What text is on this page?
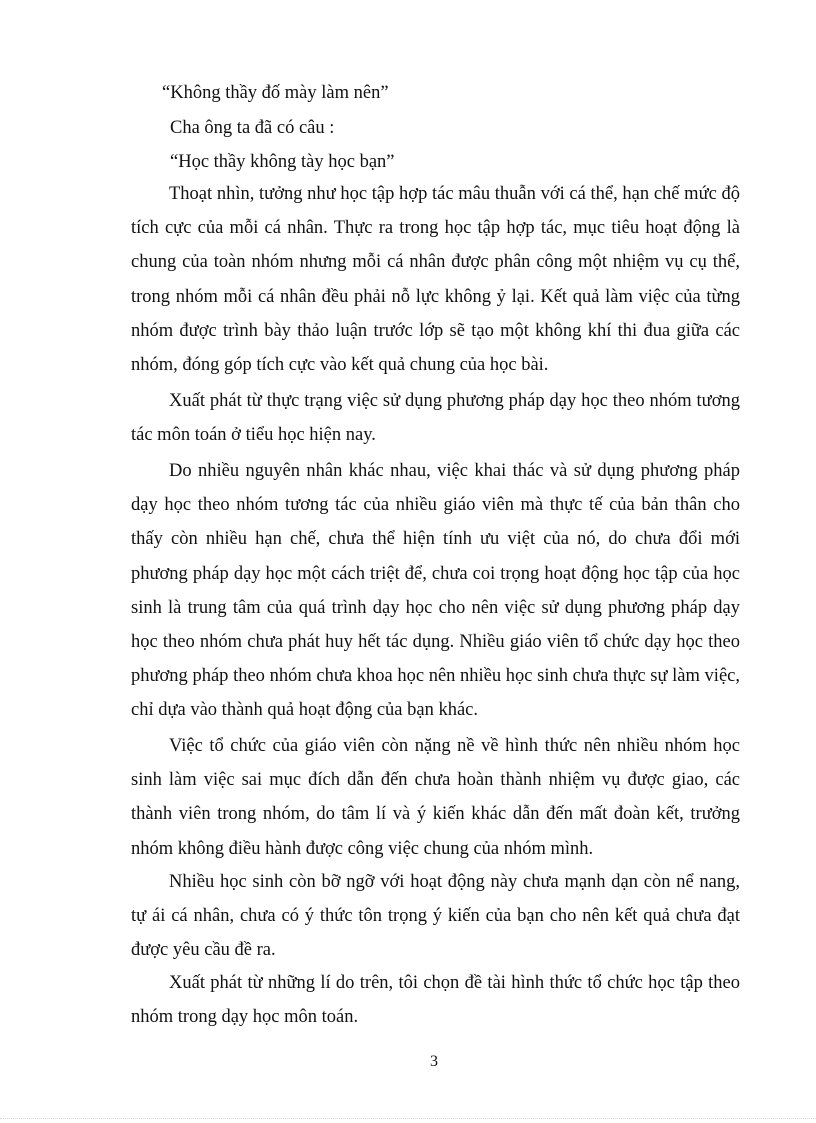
“Không thầy đố mày làm nên”
Cha ông ta đã có câu :
“Học thầy không tày học bạn”

Thoạt nhìn, tưởng như học tập hợp tác mâu thuẫn với cá thể, hạn chế mức độ tích cực của mỗi cá nhân. Thực ra trong học tập hợp tác, mục tiêu hoạt động là chung của toàn nhóm nhưng mỗi cá nhân được phân công một nhiệm vụ cụ thể, trong nhóm mỗi cá nhân đều phải nỗ lực không ỷ lại. Kết quả làm việc của từng nhóm được trình bày thảo luận trước lớp sẽ tạo một không khí thi đua giữa các nhóm, đóng góp tích cực vào kết quả chung của học bài.

Xuất phát từ thực trạng việc sử dụng phương pháp dạy học theo nhóm tương tác môn toán ở tiểu học hiện nay.

Do nhiều nguyên nhân khác nhau, việc khai thác và sử dụng phương pháp dạy học theo nhóm tương tác của nhiều giáo viên mà thực tế của bản thân cho thấy còn nhiều hạn chế, chưa thể hiện tính ưu việt của nó, do chưa đổi mới phương pháp dạy học một cách triệt để, chưa coi trọng hoạt động học tập của học sinh là trung tâm của quá trình dạy học cho nên việc sử dụng phương pháp dạy học theo nhóm chưa phát huy hết tác dụng. Nhiều giáo viên tổ chức dạy học theo phương pháp theo nhóm chưa khoa học nên nhiều học sinh chưa thực sự làm việc, chỉ dựa vào thành quả hoạt động của bạn khác.

Việc tổ chức của giáo viên còn nặng nề về hình thức nên nhiều nhóm học sinh làm việc sai mục đích dẫn đến chưa hoàn thành nhiệm vụ được giao, các thành viên trong nhóm, do tâm lí và ý kiến khác dẫn đến mất đoàn kết, trưởng nhóm không điều hành được công việc chung của nhóm mình.

Nhiều học sinh còn bỡ ngỡ với hoạt động này chưa mạnh dạn còn nể nang, tự ái cá nhân, chưa có ý thức tôn trọng ý kiến của bạn cho nên kết quả chưa đạt được yêu cầu đề ra.

Xuất phát từ những lí do trên, tôi chọn đề tài hình thức tổ chức học tập theo nhóm trong dạy học môn toán.

3
